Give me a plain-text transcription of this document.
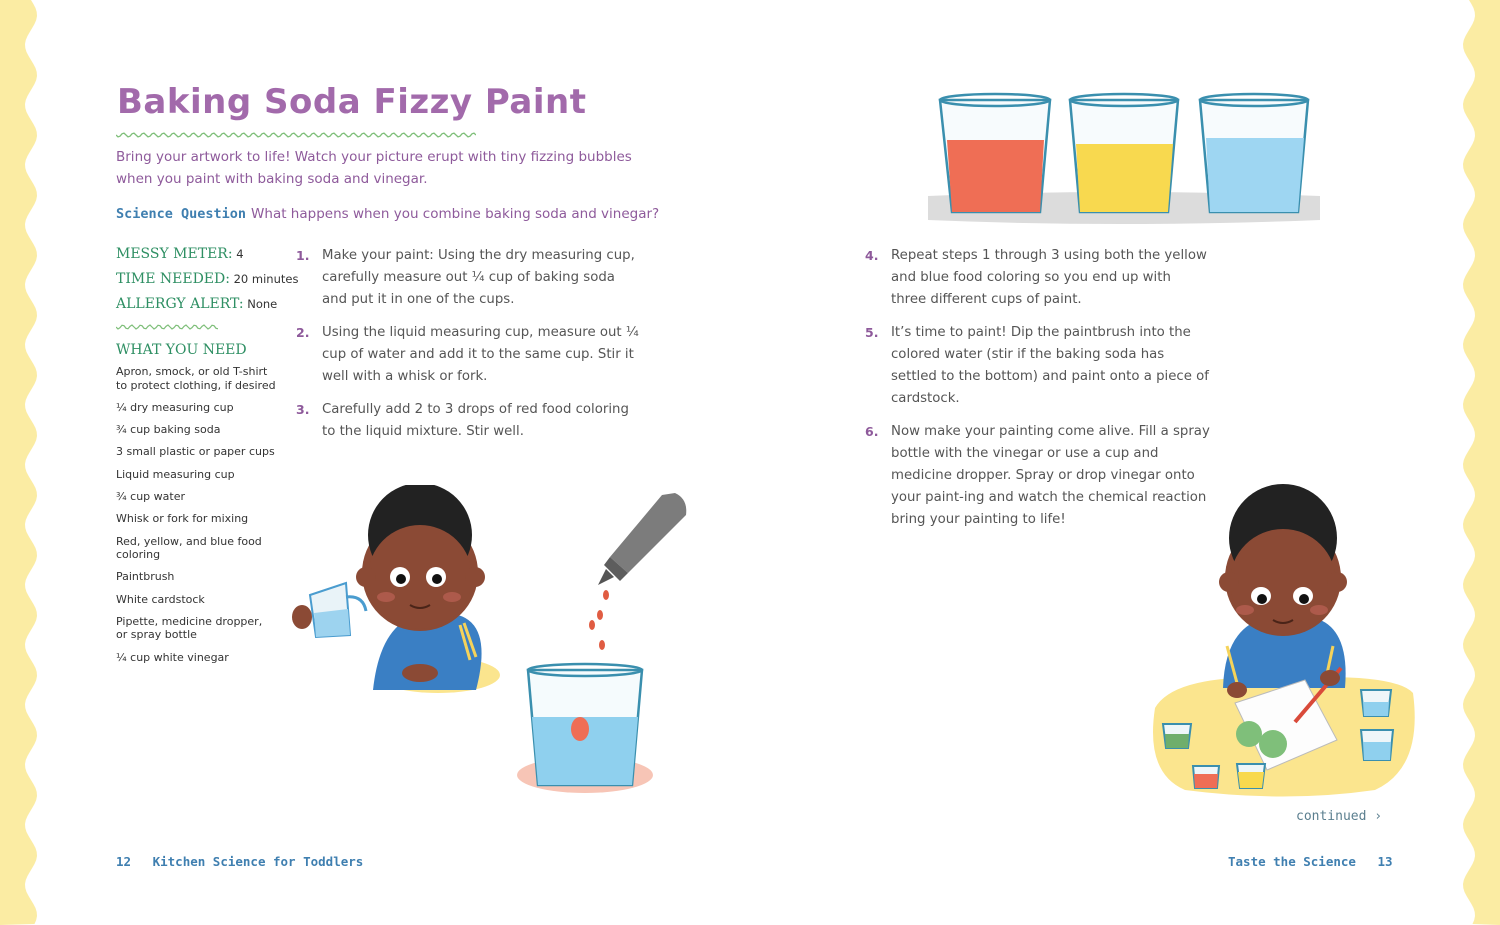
Baking Soda Fizzy Paint
Bring your artwork to life! Watch your picture erupt with tiny fizzing bubbles when you paint with baking soda and vinegar.
Science Question What happens when you combine baking soda and vinegar?
MESSY METER: 4
TIME NEEDED: 20 minutes
ALLERGY ALERT: None
WHAT YOU NEED
Apron, smock, or old T-shirt to protect clothing, if desired
¼ dry measuring cup
¾ cup baking soda
3 small plastic or paper cups
Liquid measuring cup
¾ cup water
Whisk or fork for mixing
Red, yellow, and blue food coloring
Paintbrush
White cardstock
Pipette, medicine dropper, or spray bottle
¼ cup white vinegar
1. Make your paint: Using the dry measuring cup, carefully measure out ¼ cup of baking soda and put it in one of the cups.
2. Using the liquid measuring cup, measure out ¼ cup of water and add it to the same cup. Stir it well with a whisk or fork.
3. Carefully add 2 to 3 drops of red food coloring to the liquid mixture. Stir well.
12 Kitchen Science for Toddlers
4. Repeat steps 1 through 3 using both the yellow and blue food coloring so you end up with three different cups of paint.
5. It’s time to paint! Dip the paintbrush into the colored water (stir if the baking soda has settled to the bottom) and paint onto a piece of cardstock.
6. Now make your painting come alive. Fill a spray bottle with the vinegar or use a cup and medicine dropper. Spray or drop vinegar onto your paint-ing and watch the chemical reaction bring your painting to life!
continued ›
Taste the Science 13
